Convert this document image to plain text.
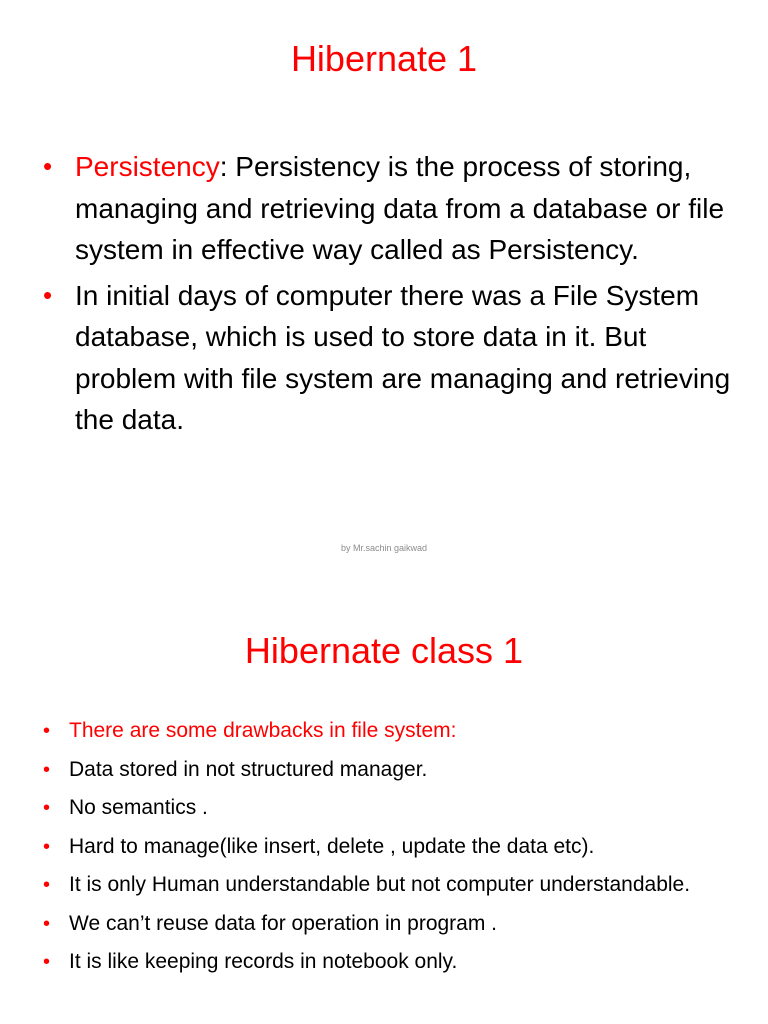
Hibernate 1
• Persistency: Persistency is the process of storing, managing and retrieving data from a database or file system in effective way called as Persistency.
• In initial days of computer there was a File System database, which is used to store data in it. But problem with file system are managing and retrieving the data.
by Mr.sachin gaikwad
Hibernate class 1
• There are some drawbacks in file system:
• Data stored in not structured manager.
• No semantics .
• Hard to manage(like insert, delete , update the data etc).
• It is only Human understandable but not computer understandable.
• We can’t reuse data for operation in program .
• It is like keeping records in notebook only.
